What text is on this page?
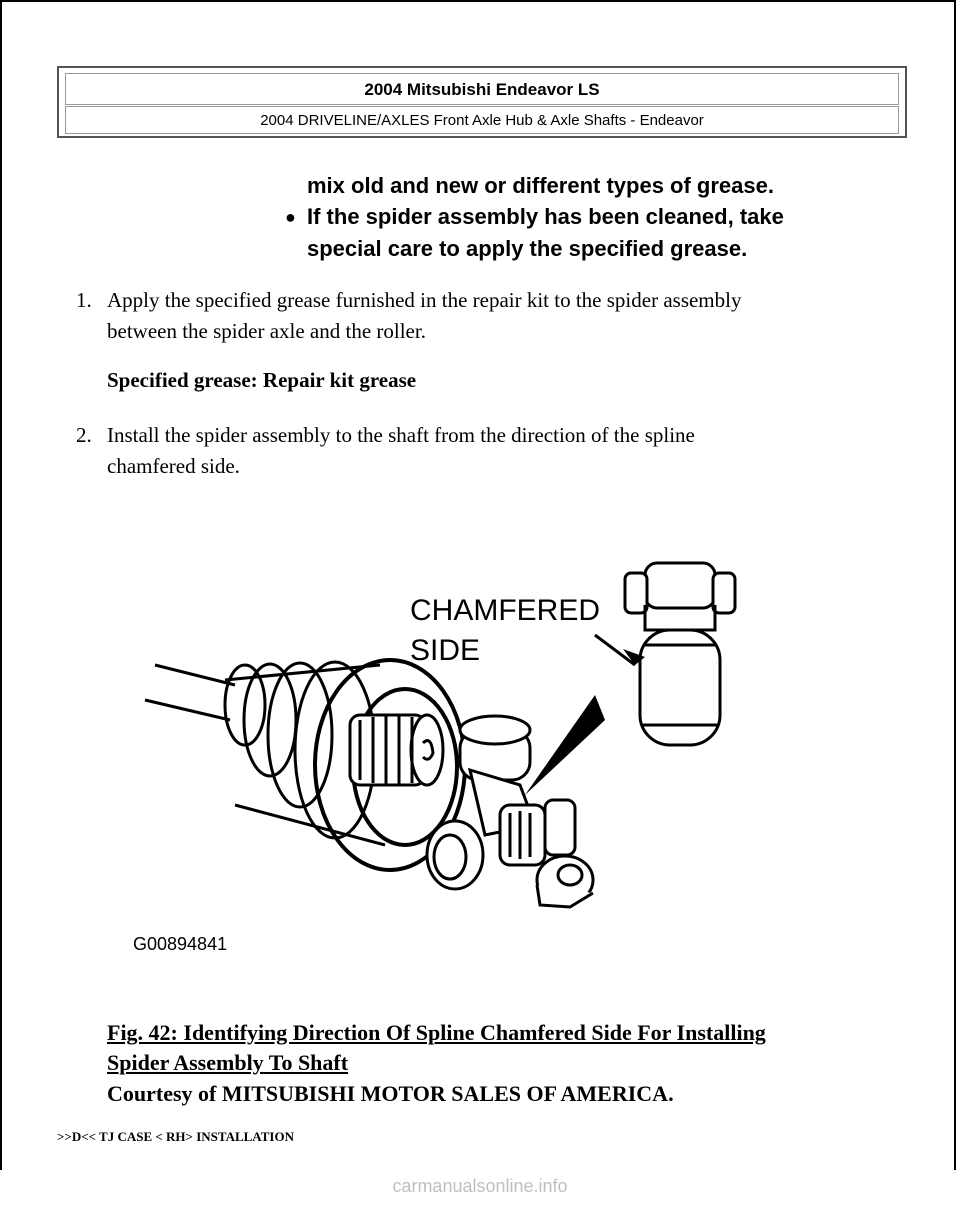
2004 Mitsubishi Endeavor LS
2004 DRIVELINE/AXLES Front Axle Hub & Axle Shafts - Endeavor
mix old and new or different types of grease.
● If the spider assembly has been cleaned, take
special care to apply the specified grease.
1. Apply the specified grease furnished in the repair kit to the spider assembly
between the spider axle and the roller.
Specified grease: Repair kit grease
2. Install the spider assembly to the shaft from the direction of the spline
chamfered side.
CHAMFERED
SIDE
G00894841
Fig. 42: Identifying Direction Of Spline Chamfered Side For Installing
Spider Assembly To Shaft
Courtesy of MITSUBISHI MOTOR SALES OF AMERICA.
>>D<< TJ CASE < RH> INSTALLATION
carmanualsonline.info
